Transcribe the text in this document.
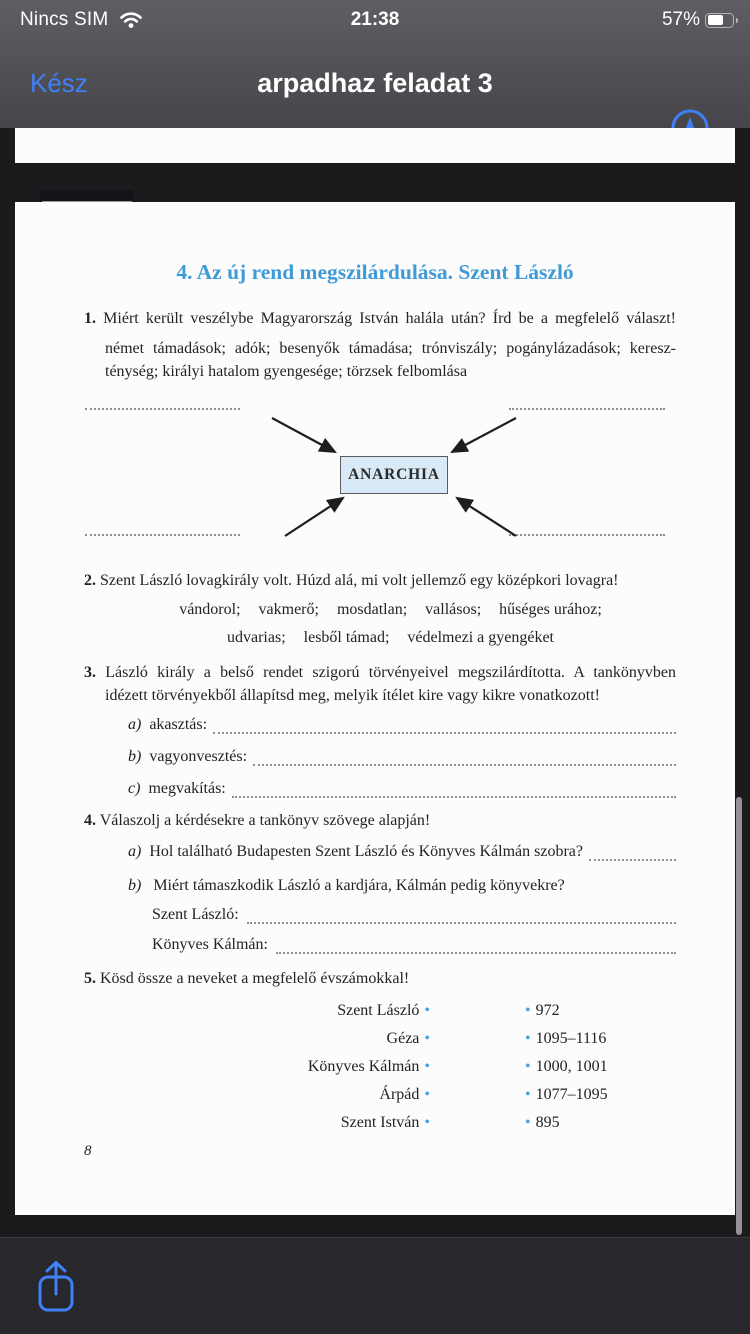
Nincs SIM	21:38	57%
Kész	arpadhaz feladat 3
4. Az új rend megszilárdulása. Szent László
1. Miért került veszélybe Magyarország István halála után? Írd be a megfelelő választ!
német támadások; adók; besenyők támadása; trónviszály; pogánylázadások; keresz-
ténység; királyi hatalom gyengesége; törzsek felbomlása
ANARCHIA
2. Szent László lovagkirály volt. Húzd alá, mi volt jellemző egy középkori lovagra!
vándorol; vakmerő; mosdatlan; vallásos; hűséges urához;
udvarias; lesből támad; védelmezi a gyengéket
3. László király a belső rendet szigorú törvényeivel megszilárdította. A tankönyvben
idézett törvényekből állapítsd meg, melyik ítélet kire vagy kikre vonatkozott!
a) akasztás:
b) vagyonvesztés:
c) megvakítás:
4. Válaszolj a kérdésekre a tankönyv szövege alapján!
a) Hol található Budapesten Szent László és Könyves Kálmán szobra?
b) Miért támaszkodik László a kardjára, Kálmán pedig könyvekre?
Szent László:
Könyves Kálmán:
5. Kösd össze a neveket a megfelelő évszámokkal!
Szent László •	• 972
Géza •	• 1095–1116
Könyves Kálmán •	• 1000, 1001
Árpád •	• 1077–1095
Szent István •	• 895
8
